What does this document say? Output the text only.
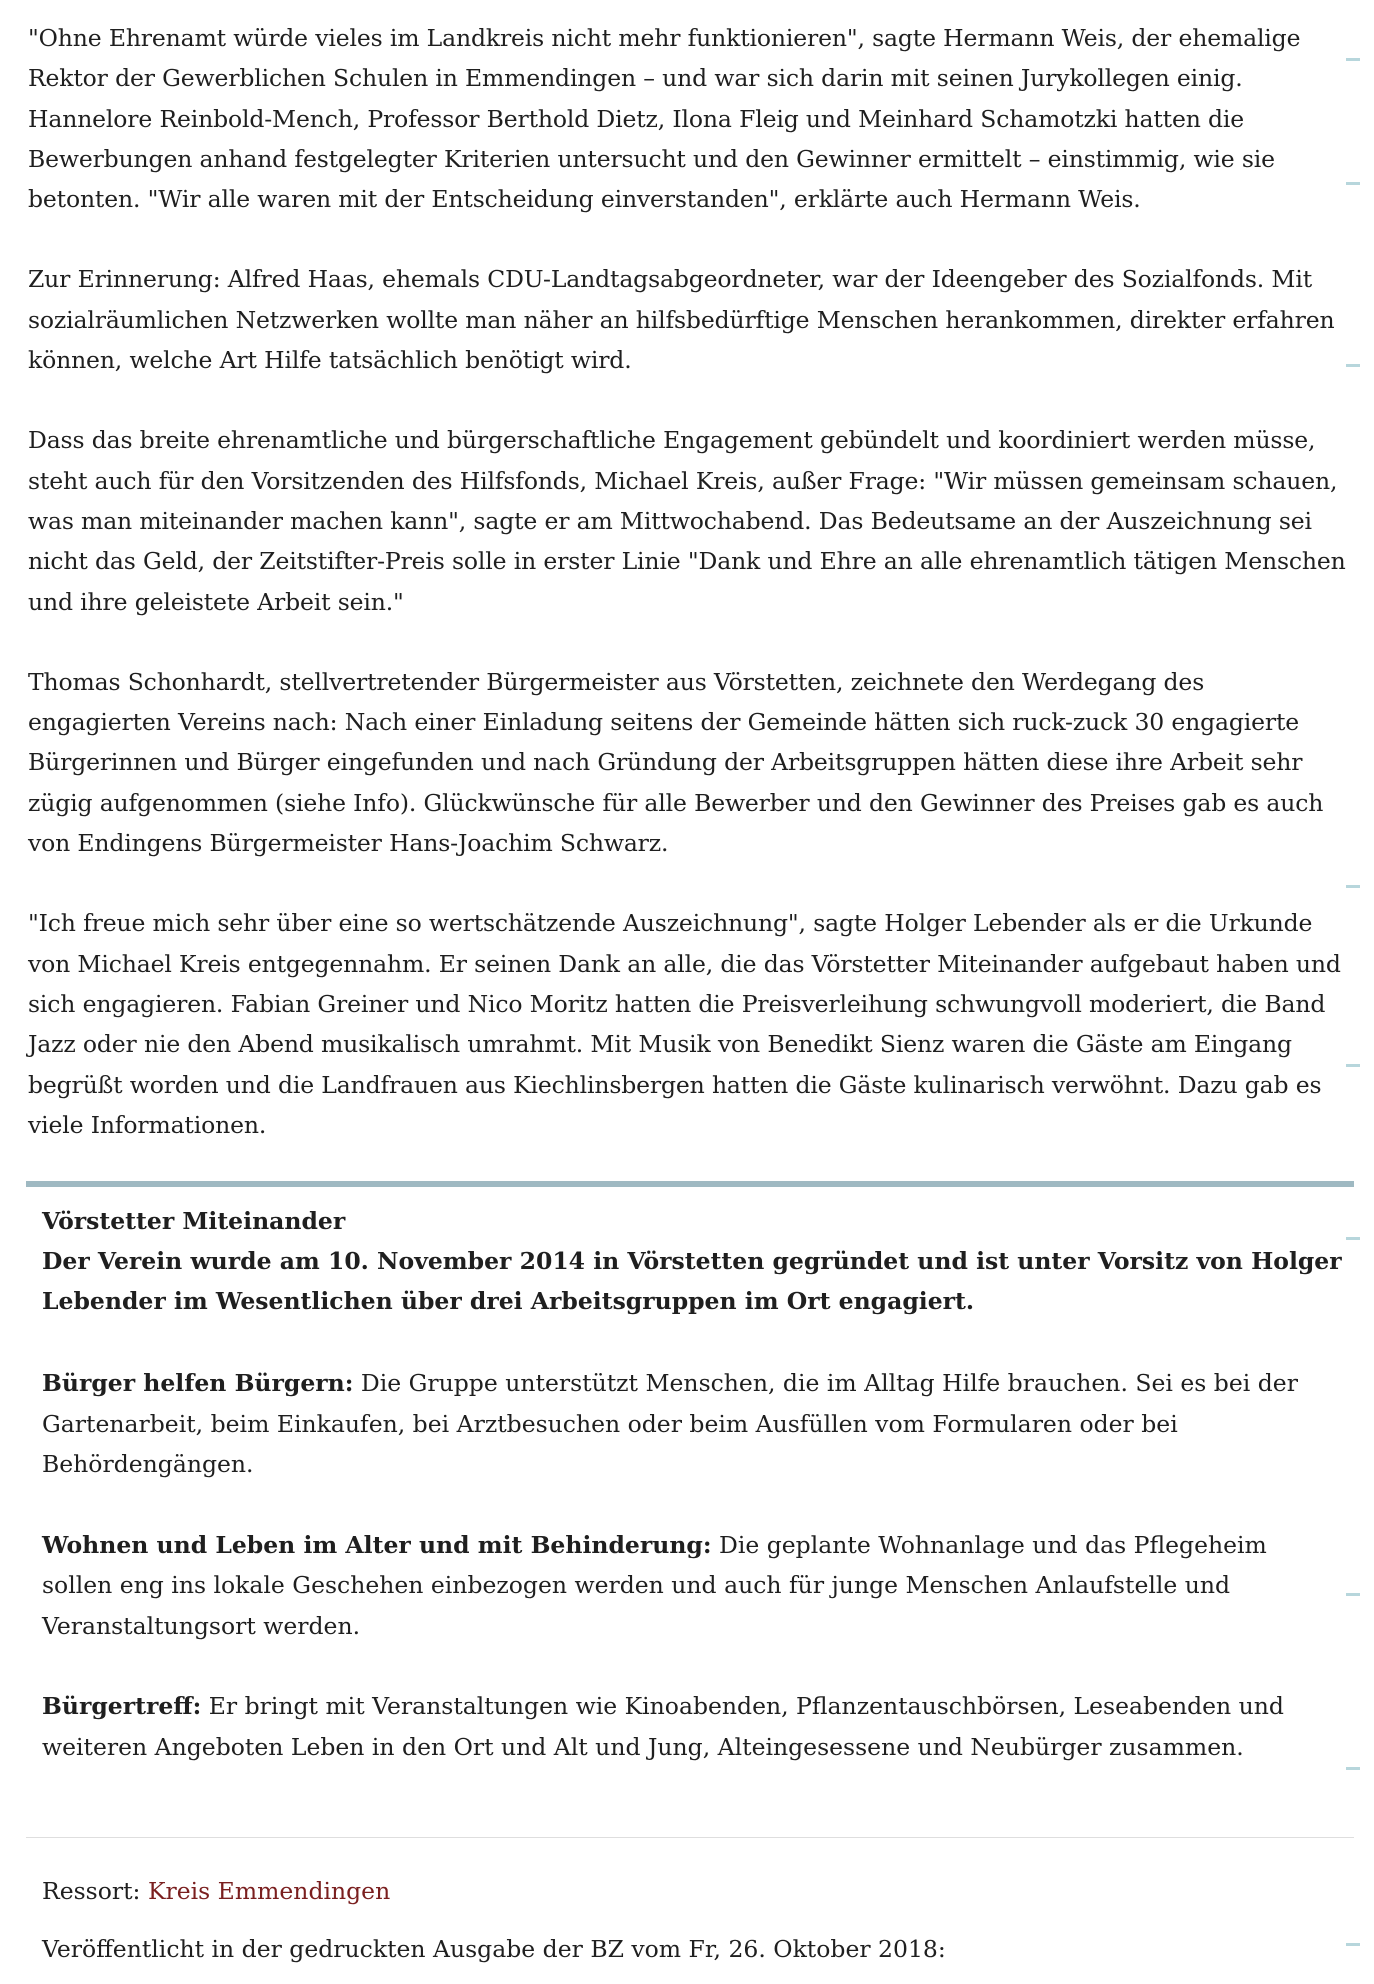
"Ohne Ehrenamt würde vieles im Landkreis nicht mehr funktionieren", sagte Hermann Weis, der ehemalige Rektor der Gewerblichen Schulen in Emmendingen – und war sich darin mit seinen Jurykollegen einig. Hannelore Reinbold-Mench, Professor Berthold Dietz, Ilona Fleig und Meinhard Schamotzki hatten die Bewerbungen anhand festgelegter Kriterien untersucht und den Gewinner ermittelt – einstimmig, wie sie betonten. "Wir alle waren mit der Entscheidung einverstanden", erklärte auch Hermann Weis.

Zur Erinnerung: Alfred Haas, ehemals CDU-Landtagsabgeordneter, war der Ideengeber des Sozialfonds. Mit sozialräumlichen Netzwerken wollte man näher an hilfsbedürftige Menschen herankommen, direkter erfahren können, welche Art Hilfe tatsächlich benötigt wird.

Dass das breite ehrenamtliche und bürgerschaftliche Engagement gebündelt und koordiniert werden müsse, steht auch für den Vorsitzenden des Hilfsfonds, Michael Kreis, außer Frage: "Wir müssen gemeinsam schauen, was man miteinander machen kann", sagte er am Mittwochabend. Das Bedeutsame an der Auszeichnung sei nicht das Geld, der Zeitstifter-Preis solle in erster Linie "Dank und Ehre an alle ehrenamtlich tätigen Menschen und ihre geleistete Arbeit sein."

Thomas Schonhardt, stellvertretender Bürgermeister aus Vörstetten, zeichnete den Werdegang des engagierten Vereins nach: Nach einer Einladung seitens der Gemeinde hätten sich ruck-zuck 30 engagierte Bürgerinnen und Bürger eingefunden und nach Gründung der Arbeitsgruppen hätten diese ihre Arbeit sehr zügig aufgenommen (siehe Info). Glückwünsche für alle Bewerber und den Gewinner des Preises gab es auch von Endingens Bürgermeister Hans-Joachim Schwarz.

"Ich freue mich sehr über eine so wertschätzende Auszeichnung", sagte Holger Lebender als er die Urkunde von Michael Kreis entgegennahm. Er seinen Dank an alle, die das Vörstetter Miteinander aufgebaut haben und sich engagieren. Fabian Greiner und Nico Moritz hatten die Preisverleihung schwungvoll moderiert, die Band Jazz oder nie den Abend musikalisch umrahmt. Mit Musik von Benedikt Sienz waren die Gäste am Eingang begrüßt worden und die Landfrauen aus Kiechlinsbergen hatten die Gäste kulinarisch verwöhnt. Dazu gab es viele Informationen.

Vörstetter Miteinander

Der Verein wurde am 10. November 2014 in Vörstetten gegründet und ist unter Vorsitz von Holger Lebender im Wesentlichen über drei Arbeitsgruppen im Ort engagiert.

Bürger helfen Bürgern: Die Gruppe unterstützt Menschen, die im Alltag Hilfe brauchen. Sei es bei der Gartenarbeit, beim Einkaufen, bei Arztbesuchen oder beim Ausfüllen vom Formularen oder bei Behördengängen.

Wohnen und Leben im Alter und mit Behinderung: Die geplante Wohnanlage und das Pflegeheim sollen eng ins lokale Geschehen einbezogen werden und auch für junge Menschen Anlaufstelle und Veranstaltungsort werden.

Bürgertreff: Er bringt mit Veranstaltungen wie Kinoabenden, Pflanzentauschbörsen, Leseabenden und weiteren Angeboten Leben in den Ort und Alt und Jung, Alteingesessene und Neubürger zusammen.

Ressort: Kreis Emmendingen

Veröffentlicht in der gedruckten Ausgabe der BZ vom Fr, 26. Oktober 2018:
